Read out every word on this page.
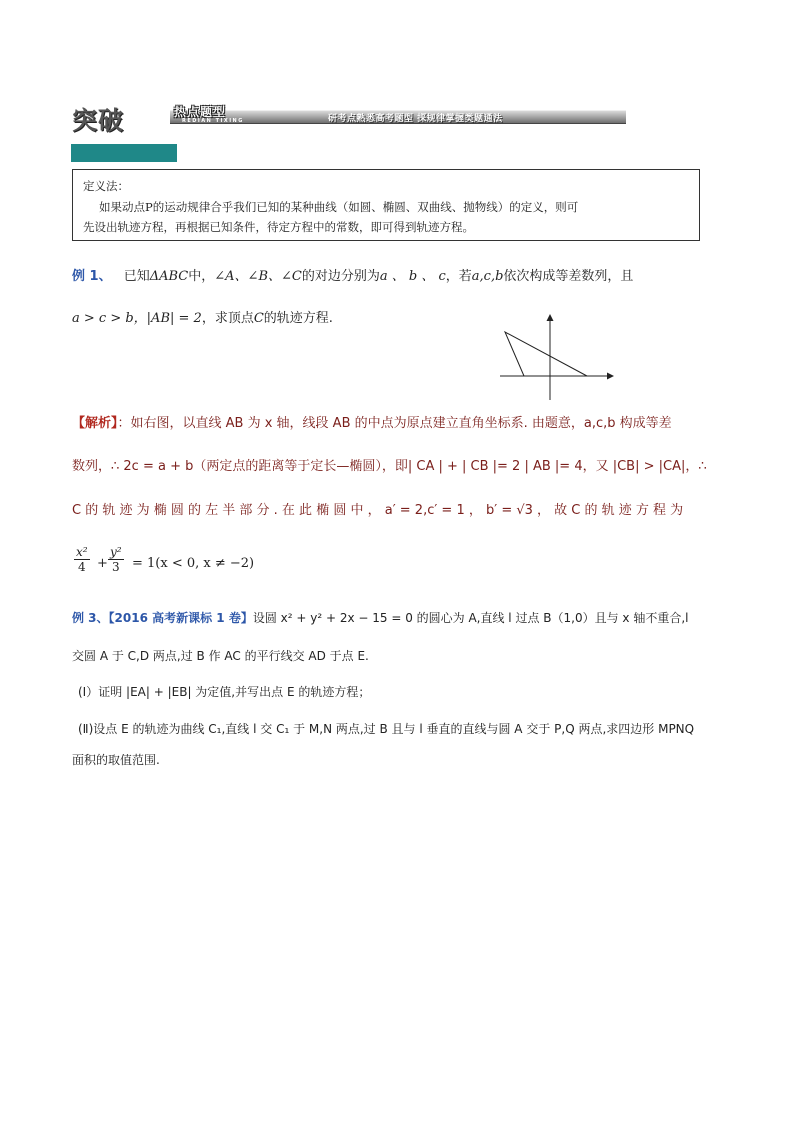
突破	热点题型
REDIAN TIXING	研考点熟悉高考题型 探规律掌握类题通法
定义法：
如果动点P的运动规律合乎我们已知的某种曲线（如圆、椭圆、双曲线、抛物线）的定义，则可
先设出轨迹方程，再根据已知条件，待定方程中的常数，即可得到轨迹方程。
例 1、 已知ΔABC中，∠A、∠B、∠C的对边分别为a 、 b 、 c，若a,c,b依次构成等差数列，且
a > c > b，|AB| = 2，求顶点C的轨迹方程.
【解析】：如右图，以直线 AB 为 x 轴，线段 AB 的中点为原点建立直角坐标系. 由题意，a,c,b 构成等差
数列，∴ 2c = a + b（两定点的距离等于定长—椭圆），即| CA | + | CB |= 2 | AB |= 4，又 |CB| > |CA|，∴
C 的 轨 迹 为 椭 圆 的 左 半 部 分 . 在 此 椭 圆 中 ， a′ = 2,c′ = 1 ， b′ = √3 ， 故 C 的 轨 迹 方 程 为
$\frac{\text{x²}}{4} + \frac{\text{y²}}{3} = 1(x < 0$, x ≠ −2)
例 3、【2016 高考新课标 1 卷】设圆 x² + y² + 2x − 15 = 0 的圆心为 A,直线 l 过点 B（1,0）且与 x 轴不重合,l
交圆 A 于 C,D 两点,过 B 作 AC 的平行线交 AD 于点 E.
(Ⅰ）证明 |EA| + |EB| 为定值,并写出点 E 的轨迹方程；
(Ⅱ)设点 E 的轨迹为曲线 C₁,直线 l 交 C₁ 于 M,N 两点,过 B 且与 l 垂直的直线与圆 A 交于 P,Q 两点,求四边形 MPNQ
面积的取值范围.
